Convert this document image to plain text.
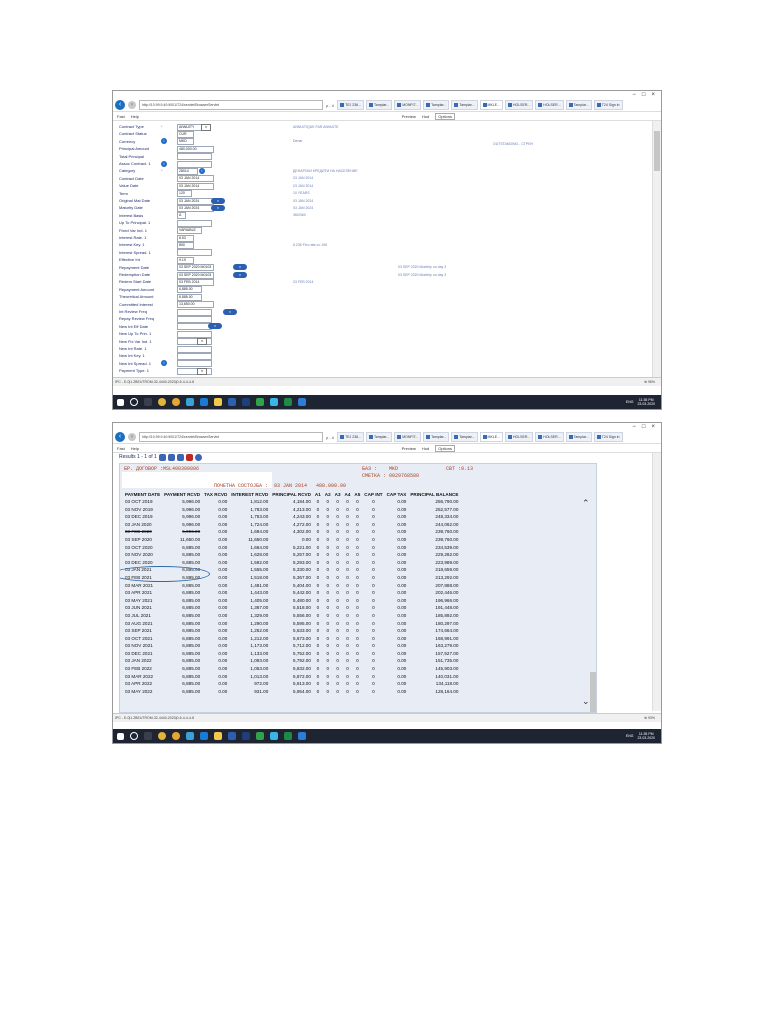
− □ ×
‹	›	http://10.99.9.40:9001/T24/servlet/BrowserServlet	ρ - ¢	TEJ 236...	Tamplar...	MONFIT...	Tamplar...	Tamplar...	MKLE...	HOLSER...	HOLSER...	Tamplar...	T24 Sign in
Fast Help	Preview Hud	Options
OUTSTANDING - СТРЕН
Contract Type	*	ANNUITY	▾	ANNUITIQUE FAR ANNUITE
Contract Status	CUR
Currency	MKD
i	Denar
Principal Amount	480,000.00
Total Principal
Assoc Contract. 1	i
Category	*	28014	i	ДЕНАРСКИ КРЕДИТИ НА НАСЕЛЕНИЕ
Contract Date	03 JAN 2014	03 JAN 2014
Value Date	03 JAN 2014	03 JAN 2014
Term	120	10 YEARS
Original Mat Date	03 JAN 2024	▾	03 JAN 2024
Maturity Date	03 JAN 2024	▾	03 JAN 2024
Interest Basis	A	360/360
Up To Principal. 1
Fixed Var Ind. 1	VARIABLE
Interest Rate. 1	8.53
Interest Key. 1	800	6.236 Fim rate со 106
Interest Spread. 1
Effective Int	9.19
Repayment Date	03 SEP 2020 M0103	▾	03 SEP 2020 Monthly on day 3
Redemption Date	03 SEP 2020 M0103	▾	03 SEP 2020 Monthly on day 3
Redem Start Date	03 FEB 2014	03 FEB 2014
Repayment Amount	6,885.00
Theoretical Amount	6,885.00
Committed Interest	13,650.00
Int Review Freq	▾
Repay Review Freq
New Int Eff Date	▾
New Up To Prin. 1
New Fix Var Ind. 1	▾
New Int Rate. 1
New Int Key. 1
New Int Spread. 1	i
Payment Type. 1	▾
IPC - E-0|1.2BEUTROM-32-4440-2023|0-6-4-4-4-8	⊕ 95%
ENG	11:35 PM
23.03.2020
− □ ×
‹	›	http://10.99.9.40:9001/T24/servlet/BrowserServlet	ρ - ¢	TEJ 236...	Tamplar...	MONFIT...	Tamplar...	Tamplar...	MKLE...	HOLSER...	HOLSER...	Tamplar...	T24 Sign in
Fast Help	Preview Hud	Options
Results 1 - 1 of 1
БР. ДОГОВОР :MSL400300006	БАЗ :    MKD	СВТ :9.13
СМЕТКА : 0029768580
ПОЧЕТНА СОСТОЈБА :  03 JAN 2014   480.000.00
PAYMENT DATE	PAYMENT RCVD	TAX RCVD	INTEREST RCVD	PRINCIPAL RCVD	A1	A2	A3	A4	A5	CAP INT	CAP TAX	PRINCIPAL BALANCE
03 OCT 2019	5,996.00	0.00	1,812.00	4,184.00	0	0	0	0	0	0	0.00	256,790.00
03 NOV 2019	5,996.00	0.00	1,783.00	4,213.00	0	0	0	0	0	0	0.00	252,577.00
03 DEC 2019	5,996.00	0.00	1,753.00	4,243.00	0	0	0	0	0	0	0.00	248,334.00
03 JAN 2020	5,996.00	0.00	1,724.00	4,272.00	0	0	0	0	0	0	0.00	244,062.00
03 FEB 2020	5,996.00	0.00	1,694.00	4,302.00	0	0	0	0	0	0	0.00	239,760.00
03 SEP 2020	11,650.00	0.00	11,650.00	0.00	0	0	0	0	0	0	0.00	239,760.00
03 OCT 2020	6,885.00	0.00	1,664.00	5,221.00	0	0	0	0	0	0	0.00	234,539.00
03 NOV 2020	6,885.00	0.00	1,628.00	5,257.00	0	0	0	0	0	0	0.00	229,282.00
03 DEC 2020	6,885.00	0.00	1,592.00	5,293.00	0	0	0	0	0	0	0.00	223,989.00
03 JAN 2021	6,885.00	0.00	1,555.00	5,330.00	0	0	0	0	0	0	0.00	218,659.00
03 FEB 2021	6,885.00	0.00	1,518.00	5,367.00	0	0	0	0	0	0	0.00	213,292.00
03 MAR 2021	6,885.00	0.00	1,481.00	5,404.00	0	0	0	0	0	0	0.00	207,888.00
03 APR 2021	6,885.00	0.00	1,443.00	5,442.00	0	0	0	0	0	0	0.00	202,446.00
03 MAY 2021	6,885.00	0.00	1,405.00	5,480.00	0	0	0	0	0	0	0.00	196,966.00
03 JUN 2021	6,885.00	0.00	1,367.00	5,518.00	0	0	0	0	0	0	0.00	191,448.00
03 JUL 2021	6,885.00	0.00	1,329.00	5,556.00	0	0	0	0	0	0	0.00	185,892.00
03 AUG 2021	6,885.00	0.00	1,290.00	5,595.00	0	0	0	0	0	0	0.00	180,297.00
03 SEP 2021	6,885.00	0.00	1,252.00	5,633.00	0	0	0	0	0	0	0.00	174,664.00
03 OCT 2021	6,885.00	0.00	1,212.00	5,673.00	0	0	0	0	0	0	0.00	168,991.00
03 NOV 2021	6,885.00	0.00	1,173.00	5,712.00	0	0	0	0	0	0	0.00	163,279.00
03 DEC 2021	6,885.00	0.00	1,133.00	5,752.00	0	0	0	0	0	0	0.00	157,527.00
03 JAN 2022	6,885.00	0.00	1,093.00	5,792.00	0	0	0	0	0	0	0.00	151,735.00
03 FEB 2022	6,885.00	0.00	1,053.00	5,832.00	0	0	0	0	0	0	0.00	145,903.00
03 MAR 2022	6,885.00	0.00	1,013.00	5,872.00	0	0	0	0	0	0	0.00	140,031.00
03 APR 2022	6,885.00	0.00	972.00	5,913.00	0	0	0	0	0	0	0.00	134,118.00
03 MAY 2022	6,885.00	0.00	931.00	5,954.00	0	0	0	0	0	0	0.00	128,164.00
⌃
⌄
IPC - E-0|1.2BEUTROM-32-4440-2023|0-6-4-4-4-8	⊕ 93%
ENG	11:35 PM
23.03.2020
